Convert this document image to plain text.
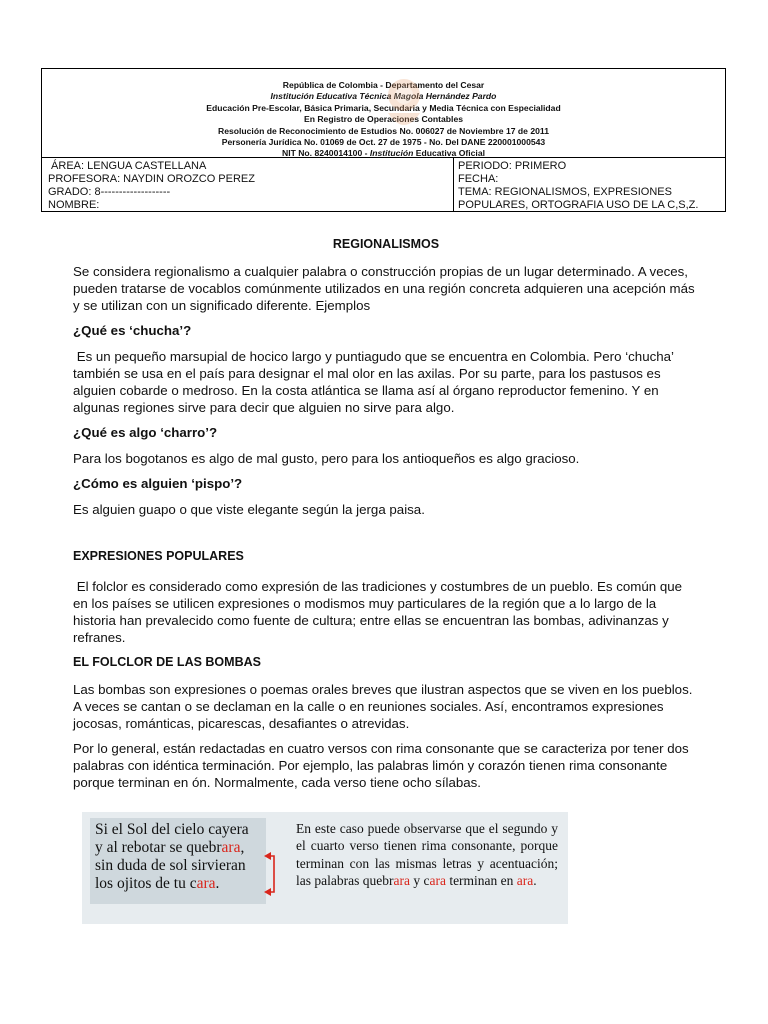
República de Colombia - Departamento del Cesar
Institución Educativa Técnica Magola Hernández Pardo
Educación Pre-Escolar, Básica Primaria, Secundaria y Media Técnica con Especialidad
En Registro de Operaciones Contables
Resolución de Reconocimiento de Estudios No. 006027 de Noviembre 17 de 2011
Personería Jurídica No. 01069 de Oct. 27 de 1975 - No. Del DANE 220001000543
NIT No. 8240014100 - Institución Educativa Oficial
ÁREA: LENGUA CASTELLANA
PROFESORA: NAYDIN OROZCO PEREZ
GRADO: 8-------------------
NOMBRE:
PERIODO: PRIMERO
FECHA:
TEMA: REGIONALISMOS, EXPRESIONES
POPULARES, ORTOGRAFIA USO DE LA C,S,Z.
REGIONALISMOS

Se considera regionalismo a cualquier palabra o construcción propias de un lugar determinado. A veces, pueden tratarse de vocablos comúnmente utilizados en una región concreta adquieren una acepción más y se utilizan con un significado diferente. Ejemplos

¿Qué es ‘chucha’?

Es un pequeño marsupial de hocico largo y puntiagudo que se encuentra en Colombia. Pero ‘chucha’ también se usa en el país para designar el mal olor en las axilas. Por su parte, para los pastusos es alguien cobarde o medroso. En la costa atlántica se llama así al órgano reproductor femenino. Y en algunas regiones sirve para decir que alguien no sirve para algo.

¿Qué es algo ‘charro’?

Para los bogotanos es algo de mal gusto, pero para los antioqueños es algo gracioso.

¿Cómo es alguien ‘pispo’?

Es alguien guapo o que viste elegante según la jerga paisa.

EXPRESIONES POPULARES

El folclor es considerado como expresión de las tradiciones y costumbres de un pueblo. Es común que en los países se utilicen expresiones o modismos muy particulares de la región que a lo largo de la historia han prevalecido como fuente de cultura; entre ellas se encuentran las bombas, adivinanzas y refranes.

EL FOLCLOR DE LAS BOMBAS

Las bombas son expresiones o poemas orales breves que ilustran aspectos que se viven en los pueblos. A veces se cantan o se declaman en la calle o en reuniones sociales. Así, encontramos expresiones jocosas, románticas, picarescas, desafiantes o atrevidas.

Por lo general, están redactadas en cuatro versos con rima consonante que se caracteriza por tener dos palabras con idéntica terminación. Por ejemplo, las palabras limón y corazón tienen rima consonante porque terminan en ón. Normalmente, cada verso tiene ocho sílabas.

Si el Sol del cielo cayera
y al rebotar se quebrara,
sin duda de sol sirvieran
los ojitos de tu cara.
En este caso puede observarse que el segundo y el cuarto verso tienen rima consonante, porque terminan con las mismas letras y acentuación; las palabras quebrara y cara terminan en ara.
